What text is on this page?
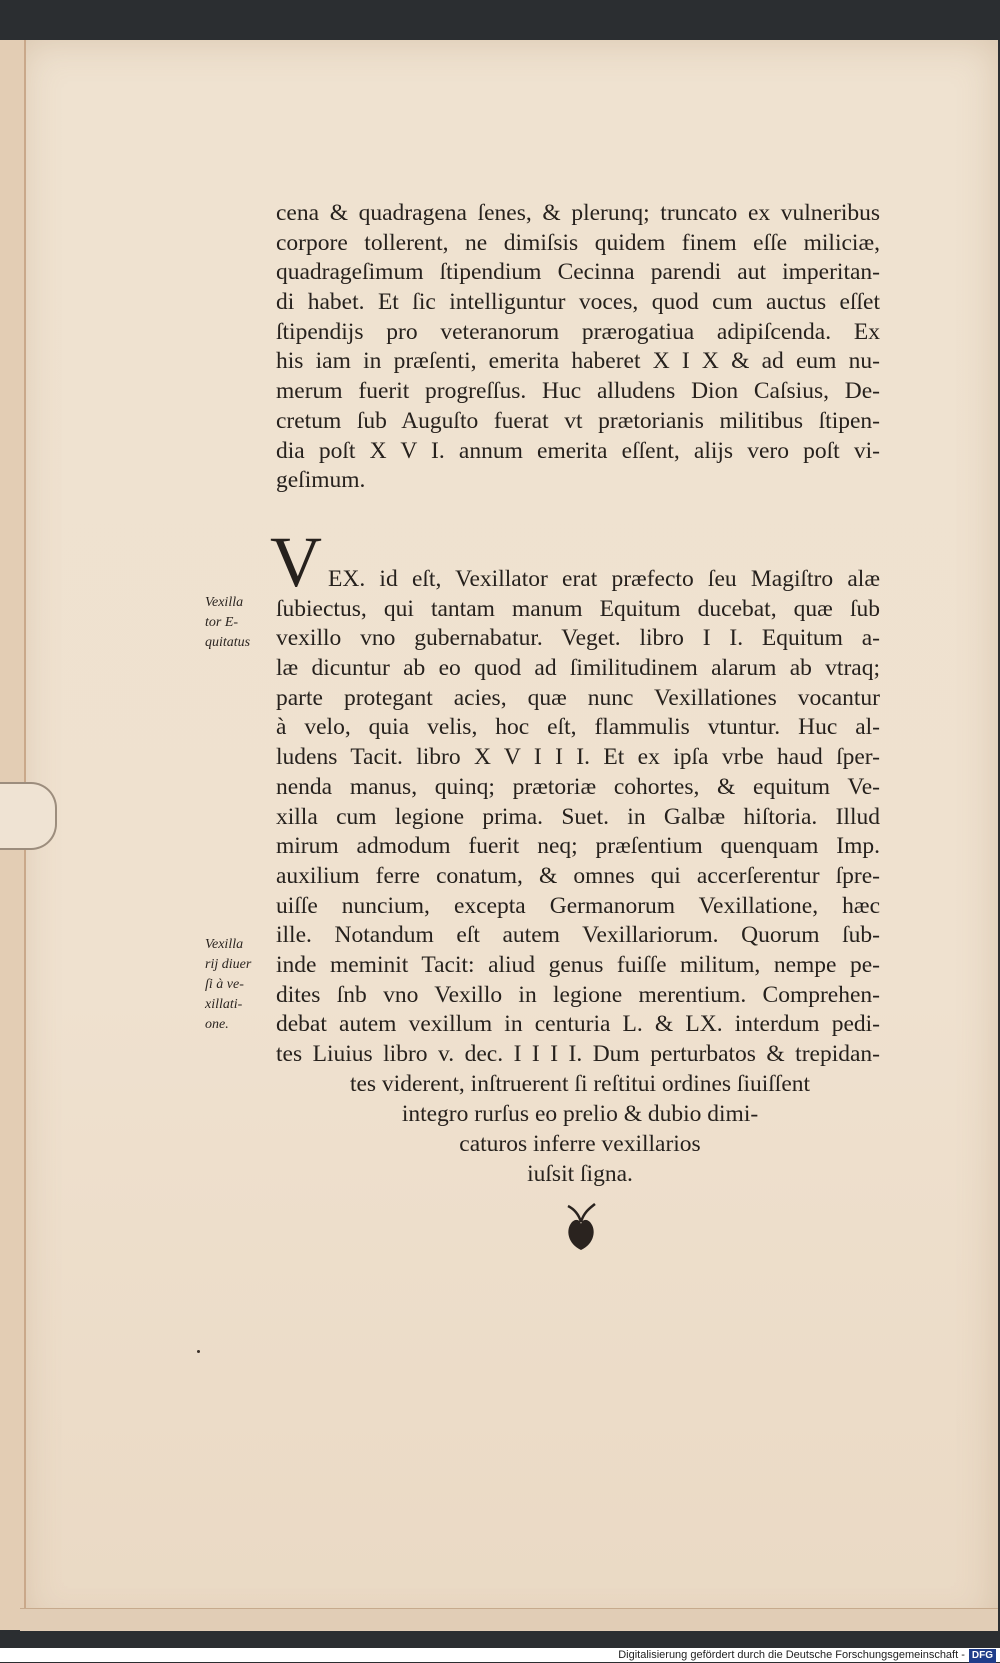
cena & quadragena ſenes, & plerunq; truncato ex vulneribus
corpore tollerent, ne dimiſsis quidem finem eſſe miliciæ,
quadrageſimum ſtipendium Cecinna parendi aut imperitan-
di habet. Et ſic intelliguntur voces, quod cum auctus eſſet
ſtipendijs pro veteranorum prærogatiua adipiſcenda. Ex
his iam in præſenti, emerita haberet X I X & ad eum nu-
merum fuerit progreſſus. Huc alludens Dion Caſsius, De-
cretum ſub Auguſto fuerat vt prætorianis militibus ſtipen-
dia poſt X V I. annum emerita eſſent, alijs vero poſt vi-
geſimum.
V EX. id eſt, Vexillator erat præfecto ſeu Magiſtro alæ
ſubiectus, qui tantam manum Equitum ducebat, quæ ſub
vexillo vno gubernabatur. Veget. libro I I. Equitum a-
læ dicuntur ab eo quod ad ſimilitudinem alarum ab vtraq;
parte protegant acies, quæ nunc Vexillationes vocantur
à velo, quia velis, hoc eſt, flammulis vtuntur. Huc al-
ludens Tacit. libro X V I I I. Et ex ipſa vrbe haud ſper-
nenda manus, quinq; prætoriæ cohortes, & equitum Ve-
xilla cum legione prima. Suet. in Galbæ hiſtoria. Illud
mirum admodum fuerit neq; præſentium quenquam Imp.
auxilium ferre conatum, & omnes qui accerſerentur ſpre-
uiſſe nuncium, excepta Germanorum Vexillatione, hæc
ille. Notandum eſt autem Vexillariorum. Quorum ſub-
inde meminit Tacit: aliud genus fuiſſe militum, nempe pe-
dites ſnb vno Vexillo in legione merentium. Comprehen-
debat autem vexillum in centuria L. & LX. interdum pedi-
tes Liuius libro v. dec. I I I I. Dum perturbatos & trepidan-
tes viderent, inſtruerent ſi reſtitui ordines ſiuiſſent
integro rurſus eo prelio & dubio dimi-
caturos inferre vexillarios
iuſsit ſigna.
Vexilla
tor E-
quitatus
Vexilla
rij diuer
ſi à ve-
xillati-
one.
Digitalisierung gefördert durch die Deutsche Forschungsgemeinschaft - DFG
